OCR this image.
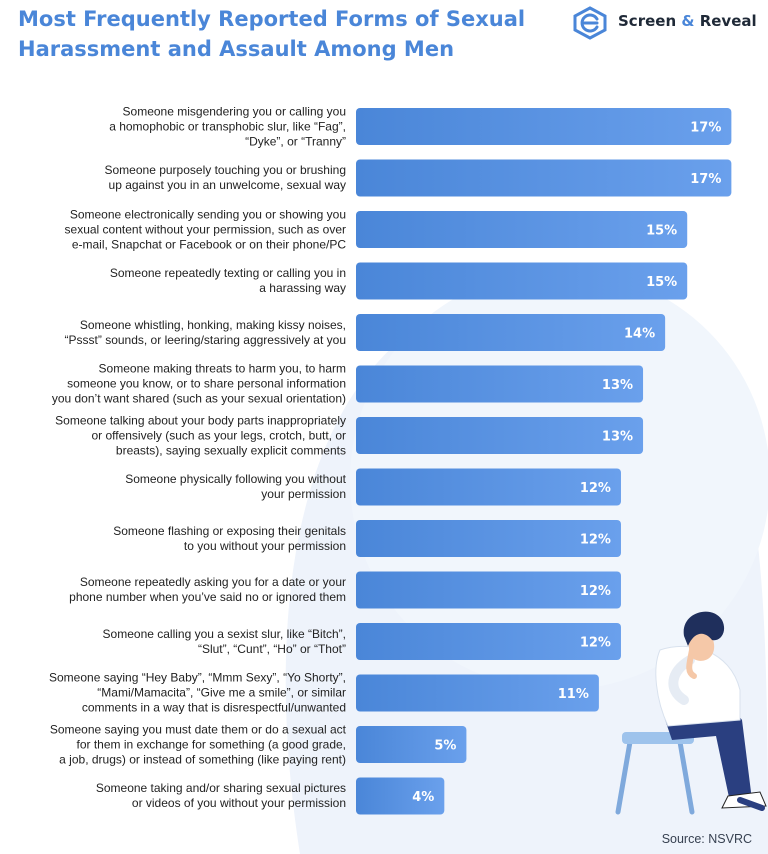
Most Frequently Reported Forms of Sexual Harassment and Assault Among Men
Screen & Reveal
17%
17%
15%
15%
14%
13%
13%
12%
12%
12%
12%
11%
5%
4%
Someone misgendering you or calling you
a homophobic or transphobic slur, like “Fag”,
“Dyke”, or “Tranny”
Someone purposely touching you or brushing
up against you in an unwelcome, sexual way
Someone electronically sending you or showing you
sexual content without your permission, such as over
e-mail, Snapchat or Facebook or on their phone/PC
Someone repeatedly texting or calling you in
a harassing way
Someone whistling, honking, making kissy noises,
“Pssst” sounds, or leering/staring aggressively at you
Someone making threats to harm you, to harm
someone you know, or to share personal information
you don’t want shared (such as your sexual orientation)
Someone talking about your body parts inappropriately
or offensively (such as your legs, crotch, butt, or
breasts), saying sexually explicit comments
Someone physically following you without
your permission
Someone flashing or exposing their genitals
to you without your permission
Someone repeatedly asking you for a date or your
phone number when you’ve said no or ignored them
Someone calling you a sexist slur, like “Bitch”,
“Slut”, “Cunt”, “Ho” or “Thot”
Someone saying “Hey Baby”, “Mmm Sexy”, “Yo Shorty”,
“Mami/Mamacita”, “Give me a smile”, or similar
comments in a way that is disrespectful/unwanted
Someone saying you must date them or do a sexual act
for them in exchange for something (a good grade,
a job, drugs) or instead of something (like paying rent)
Someone taking and/or sharing sexual pictures
or videos of you without your permission
Source: NSVRC
